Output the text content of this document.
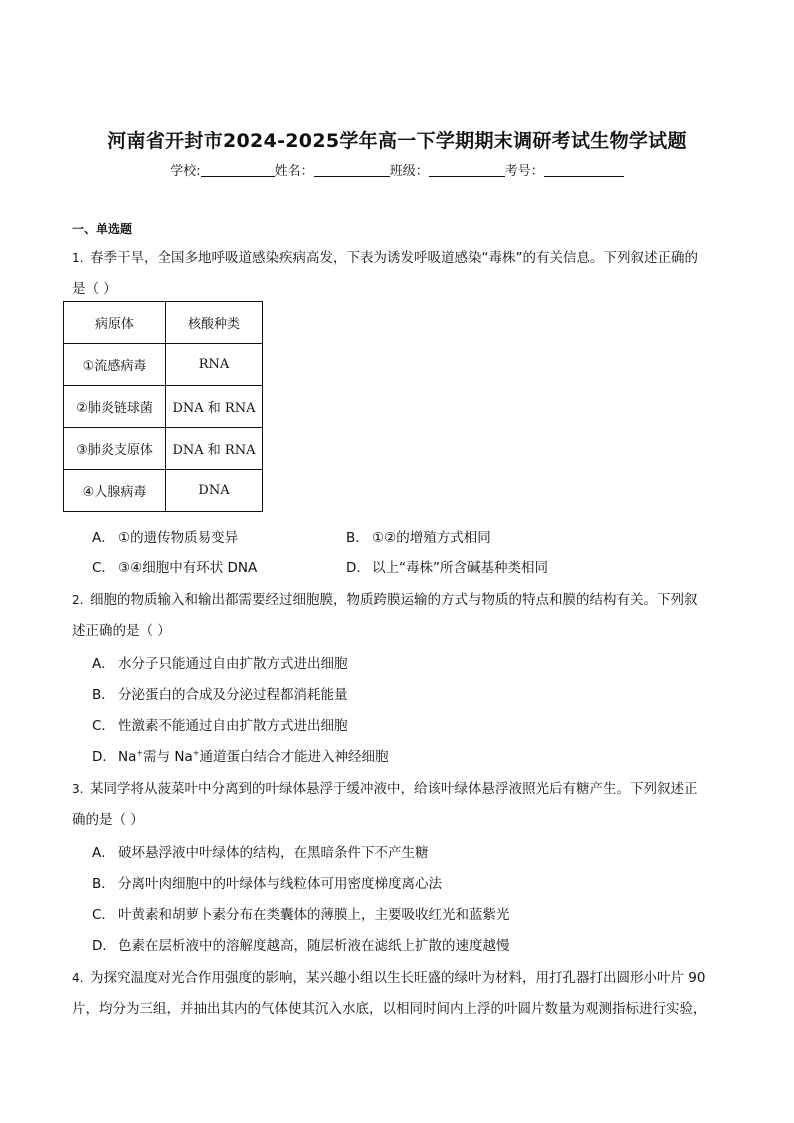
河南省开封市2024-2025学年高一下学期期末调研考试生物学试题
学校:	姓名：	班级：	考号：
一、单选题
1. 春季干旱，全国多地呼吸道感染疾病高发，下表为诱发呼吸道感染“毒株”的有关信息。下列叙述正确的
是（ ）
病原体	核酸种类
①流感病毒	RNA
②肺炎链球菌	DNA 和 RNA
③肺炎支原体	DNA 和 RNA
④人腺病毒	DNA
A． ①的遗传物质易变异	B． ①②的增殖方式相同
C． ③④细胞中有环状 DNA	D． 以上“毒株”所含碱基种类相同
2. 细胞的物质输入和输出都需要经过细胞膜，物质跨膜运输的方式与物质的特点和膜的结构有关。下列叙
述正确的是（ ）
A． 水分子只能通过自由扩散方式进出细胞
B． 分泌蛋白的合成及分泌过程都消耗能量
C． 性激素不能通过自由扩散方式进出细胞
D． Na+需与 Na+通道蛋白结合才能进入神经细胞
3. 某同学将从菠菜叶中分离到的叶绿体悬浮于缓冲液中，给该叶绿体悬浮液照光后有糖产生。下列叙述正
确的是（ ）
A． 破坏悬浮液中叶绿体的结构，在黑暗条件下不产生糖
B． 分离叶肉细胞中的叶绿体与线粒体可用密度梯度离心法
C． 叶黄素和胡萝卜素分布在类囊体的薄膜上，主要吸收红光和蓝紫光
D． 色素在层析液中的溶解度越高，随层析液在滤纸上扩散的速度越慢
4. 为探究温度对光合作用强度的影响，某兴趣小组以生长旺盛的绿叶为材料，用打孔器打出圆形小叶片 90
片，均分为三组，并抽出其内的气体使其沉入水底，以相同时间内上浮的叶圆片数量为观测指标进行实验，
